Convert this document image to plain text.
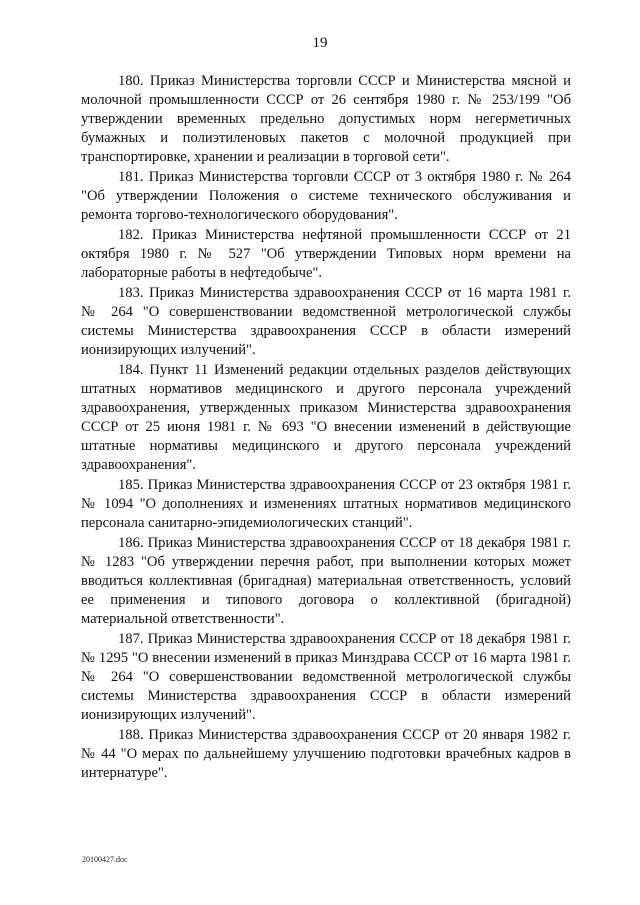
19

180. Приказ Министерства торговли СССР и Министерства мясной и молочной промышленности СССР от 26 сентября 1980 г. № 253/199 "Об утверждении временных предельно допустимых норм негерметичных бумажных и полиэтиленовых пакетов с молочной продукцией при транспортировке, хранении и реализации в торговой сети".

181. Приказ Министерства торговли СССР от 3 октября 1980 г. № 264 "Об утверждении Положения о системе технического обслуживания и ремонта торгово-технологического оборудования".

182. Приказ Министерства нефтяной промышленности СССР от 21 октября 1980 г. № 527 "Об утверждении Типовых норм времени на лабораторные работы в нефтедобыче".

183. Приказ Министерства здравоохранения СССР от 16 марта 1981 г. № 264 "О совершенствовании ведомственной метрологической службы системы Министерства здравоохранения СССР в области измерений ионизирующих излучений".

184. Пункт 11 Изменений редакции отдельных разделов действующих штатных нормативов медицинского и другого персонала учреждений здравоохранения, утвержденных приказом Министерства здравоохранения СССР от 25 июня 1981 г. № 693 "О внесении изменений в действующие штатные нормативы медицинского и другого персонала учреждений здравоохранения".

185. Приказ Министерства здравоохранения СССР от 23 октября 1981 г. № 1094 "О дополнениях и изменениях штатных нормативов медицинского персонала санитарно-эпидемиологических станций".

186. Приказ Министерства здравоохранения СССР от 18 декабря 1981 г. № 1283 "Об утверждении перечня работ, при выполнении которых может вводиться коллективная (бригадная) материальная ответственность, условий ее применения и типового договора о коллективной (бригадной) материальной ответственности".

187. Приказ Министерства здравоохранения СССР от 18 декабря 1981 г. № 1295 "О внесении изменений в приказ Минздрава СССР от 16 марта 1981 г. № 264 "О совершенствовании ведомственной метрологической службы системы Министерства здравоохранения СССР в области измерений ионизирующих излучений".

188. Приказ Министерства здравоохранения СССР от 20 января 1982 г. № 44 "О мерах по дальнейшему улучшению подготовки врачебных кадров в интернатуре".

20100427.doc
